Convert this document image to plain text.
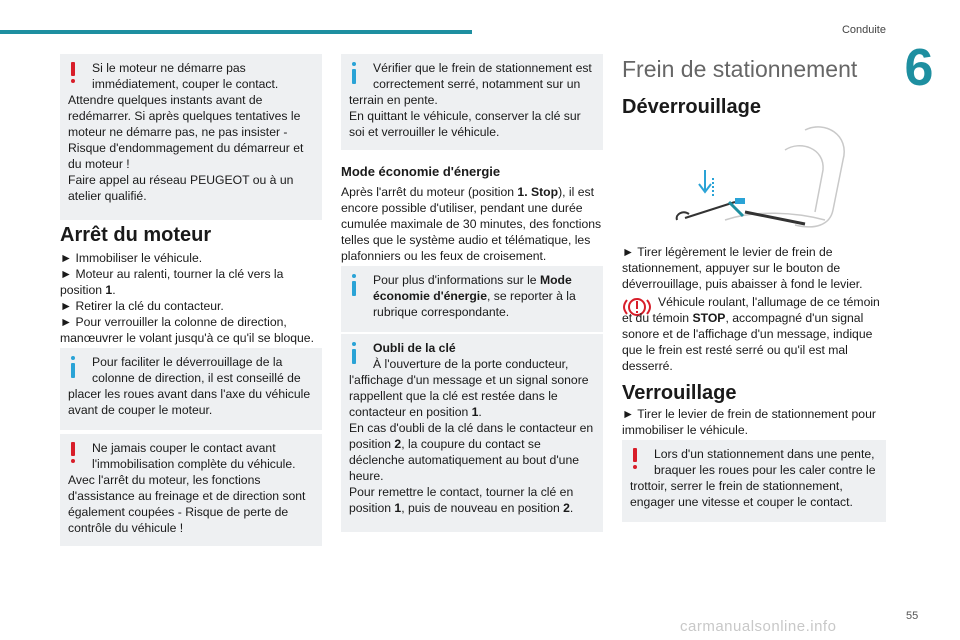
Conduite
6

Si le moteur ne démarre pas immédiatement, couper le contact.

Attendre quelques instants avant de redémarrer. Si après quelques tentatives le moteur ne démarre pas, ne pas insister - Risque d'endommagement du démarreur et du moteur !
Faire appel au réseau PEUGEOT ou à un atelier qualifié.

Arrêt du moteur
► Immobiliser le véhicule.
► Moteur au ralenti, tourner la clé vers la position 1.
► Retirer la clé du contacteur.
► Pour verrouiller la colonne de direction, manœuvrer le volant jusqu'à ce qu'il se bloque.

Pour faciliter le déverrouillage de la colonne de direction, il est conseillé de

placer les roues avant dans l'axe du véhicule avant de couper le moteur.

Ne jamais couper le contact avant l'immobilisation complète du véhicule.

Avec l'arrêt du moteur, les fonctions d'assistance au freinage et de direction sont également coupées - Risque de perte de contrôle du véhicule !

Vérifier que le frein de stationnement est correctement serré, notamment sur un

terrain en pente.
En quittant le véhicule, conserver la clé sur soi et verrouiller le véhicule.

Mode économie d'énergie
Après l'arrêt du moteur (position 1. Stop), il est encore possible d'utiliser, pendant une durée cumulée maximale de 30 minutes, des fonctions telles que le système audio et télématique, les plafonniers ou les feux de croisement.

Pour plus d'informations sur le Mode économie d'énergie, se reporter à la rubrique correspondante.

Oubli de la clé

À l'ouverture de la porte conducteur,

l'affichage d'un message et un signal sonore rappellent que la clé est restée dans le contacteur en position 1.

En cas d'oubli de la clé dans le contacteur en position 2, la coupure du contact se déclenche automatiquement au bout d'une heure.

Pour remettre le contact, tourner la clé en position 1, puis de nouveau en position 2.

Frein de stationnement
Déverrouillage
► Tirer légèrement le levier de frein de stationnement, appuyer sur le bouton de déverrouillage, puis abaisser à fond le levier.
Véhicule roulant, l'allumage de ce témoin et du témoin STOP, accompagné d'un signal sonore et de l'affichage d'un message, indique que le frein est resté serré ou qu'il est mal desserré.
Verrouillage
► Tirer le levier de frein de stationnement pour immobiliser le véhicule.

Lors d'un stationnement dans une pente, braquer les roues pour les caler contre le

trottoir, serrer le frein de stationnement, engager une vitesse et couper le contact.

carmanualsonline.info
55
